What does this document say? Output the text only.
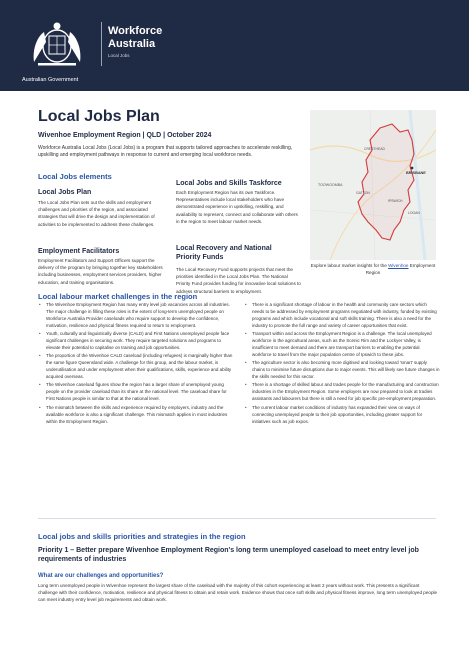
Australian Government
Workforce
Australia
Local Jobs
Local Jobs Plan
Wivenhoe Employment Region | QLD | October 2024
Workforce Australia Local Jobs (Local Jobs) is a program that supports tailored approaches to accelerate reskilling, upskilling and employment pathways in response to current and emerging local workforce needs.
Local Jobs elements
Local Jobs Plan
The Local Jobs Plan sets out the skills and employment challenges and priorities of the region, and associated strategies that will drive the design and implementation of activities to be implemented to address these challenges.
Employment Facilitators
Employment Facilitators and Support Officers support the delivery of the program by bringing together key stakeholders including businesses, employment services providers, higher education, and training organisations.
Local Jobs and Skills Taskforce
Each Employment Region has its own Taskforce. Representatives include local stakeholders who have demonstrated experience in upskilling, reskilling, and availability to represent, connect and collaborate with others in the region to meet labour market needs.
Local Recovery and National
Priority Funds
The Local Recovery Fund supports projects that meet the priorities identified in the Local Jobs Plan. The National Priority Fund provides funding for innovative local solutions to address structural barriers to employment.
TOOWOOMBA
BRISBANE
CRESTHEAD
GATTON
IPSWICH
LOGAN
Explore labour market insights for the Wivenhoe Employment Region
Local labour market challenges in the region
• The Wivenhoe Employment Region has many entry level job vacancies across all industries. The major challenge in filling these roles is the extent of long-term unemployed people on Workforce Australia Provider caseloads who require support to develop the confidence, motivation, resilience and physical fitness required to return to employment.
• Youth, culturally and linguistically diverse (CALD) and First Nations unemployed people face significant challenges in securing work. They require targeted solutions and programs to elevate their potential to capitalise on training and job opportunities.
• The proportion of the Wivenhoe CALD caseload (including refugees) is marginally higher than the same figure Queensland wide. A challenge for this group, and the labour market, is underutilisation and under employment when their qualifications, skills, experience and ability acquired overseas.
• The Wivenhoe caseload figures show the region has a larger share of unemployed young people on the provider caseload than its share at the national level. The caseload share for First Nations people is similar to that at the national level.
• The mismatch between the skills and experience required by employers, industry and the available workforce is also a significant challenge. This mismatch applies in most industries within the Employment Region.
• There is a significant shortage of labour in the health and community care sectors which needs to be addressed by employment programs negotiated with industry, funded by existing programs and which include vocational and soft skills training. There is also a need for the industry to promote the full range and variety of career opportunities that exist.
• Transport within and across the Employment Region is a challenge. The local unemployed workforce in the agricultural areas, such as the Scenic Rim and the Lockyer Valley, is insufficient to meet demand and there are transport barriers to enabling the potential workforce to travel from the major population centre of Ipswich to these jobs.
• The agriculture sector is also becoming more digitised and looking toward 'smart' supply chains to minimise future disruptions due to major events. This will likely see future changes in the skills needed for this sector.
• There is a shortage of skilled labour and trades people for the manufacturing and construction industries in the Employment Region. Some employers are now prepared to look at tradies assistants and labourers but there is still a need for job specific pre-employment preparation.
• The current labour market conditions of industry has expanded their view on ways of connecting unemployed people to their job opportunities, including greater support for initiatives such as job expos.
Local jobs and skills priorities and strategies in the region
Priority 1 – Better prepare Wivenhoe Employment Region's long term unemployed caseload to meet entry level job requirements of industries
What are our challenges and opportunities?
Long term unemployed people in Wivenhoe represent the largest share of the caseload with the majority of this cohort experiencing at least 2 years without work. This presents a significant challenge with their confidence, motivation, resilience and physical fitness to obtain and retain work. Evidence shows that once soft skills and physical fitness improve, long term unemployed people can meet industry entry level job requirements and obtain work.
